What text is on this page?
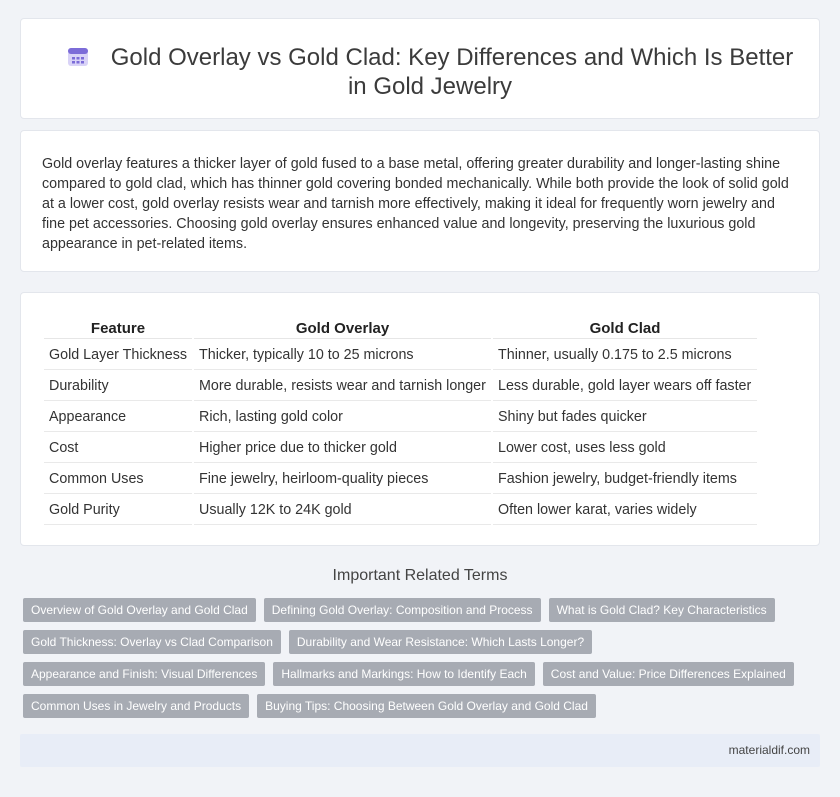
Gold Overlay vs Gold Clad: Key Differences and Which Is Better in Gold Jewelry

Gold overlay features a thicker layer of gold fused to a base metal, offering greater durability and longer-lasting shine compared to gold clad, which has thinner gold covering bonded mechanically. While both provide the look of solid gold at a lower cost, gold overlay resists wear and tarnish more effectively, making it ideal for frequently worn jewelry and fine pet accessories. Choosing gold overlay ensures enhanced value and longevity, preserving the luxurious gold appearance in pet-related items.

Feature	Gold Overlay	Gold Clad
Gold Layer Thickness	Thicker, typically 10 to 25 microns	Thinner, usually 0.175 to 2.5 microns
Durability	More durable, resists wear and tarnish longer	Less durable, gold layer wears off faster
Appearance	Rich, lasting gold color	Shiny but fades quicker
Cost	Higher price due to thicker gold	Lower cost, uses less gold
Common Uses	Fine jewelry, heirloom-quality pieces	Fashion jewelry, budget-friendly items
Gold Purity	Usually 12K to 24K gold	Often lower karat, varies widely
Important Related Terms
Overview of Gold Overlay and Gold Clad	Defining Gold Overlay: Composition and Process	What is Gold Clad? Key Characteristics
Gold Thickness: Overlay vs Clad Comparison	Durability and Wear Resistance: Which Lasts Longer?
Appearance and Finish: Visual Differences	Hallmarks and Markings: How to Identify Each	Cost and Value: Price Differences Explained
Common Uses in Jewelry and Products	Buying Tips: Choosing Between Gold Overlay and Gold Clad
materialdif.com
